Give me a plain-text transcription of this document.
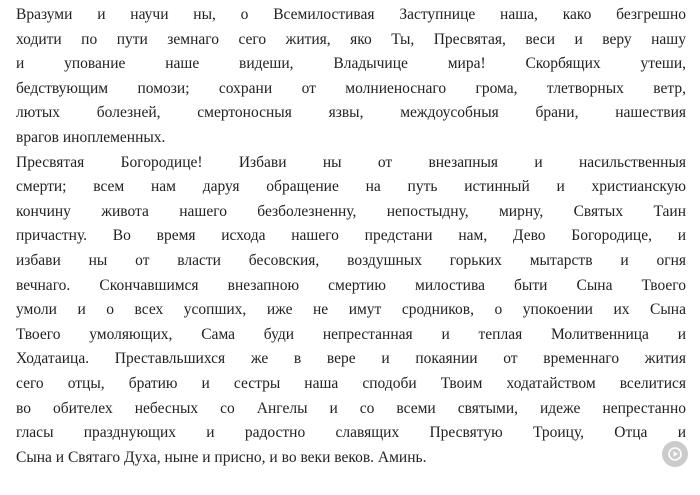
Вразуми и научи ны, о Всемилостивая Заступнице наша, како безгрешно
ходити по пути земнаго сего жития, яко Ты, Пресвятая, веси и веру нашу
и упование наше видеши, Владычице мира! Скорбящих утеши,
бедствующим помози; сохрани от молниеноснаго грома, тлетворных ветр,
лютых болезней, смертоносныя язвы, междоусобныя брани, нашествия
врагов иноплеменных.
Пресвятая Богородице! Избави ны от внезапныя и насильственныя
смерти; всем нам даруя обращение на путь истинный и христианскую
кончину живота нашего безболезненну, непостыдну, мирну, Святых Таин
причастну. Во время исхода нашего предстани нам, Дево Богородице, и
избави ны от власти бесовския, воздушных горьких мытарств и огня
вечнаго. Скончавшимся внезапною смертию милостива быти Сына Твоего
умоли и о всех усопших, иже не имут сродников, о упокоении их Сына
Твоего умоляющих, Сама буди непрестанная и теплая Молитвенница и
Ходатаица. Преставльшихся же в вере и покаянии от временнаго жития
сего отцы, братию и сестры наша сподоби Твоим ходатайством вселитися
во обителех небесных со Ангелы и со всеми святыми, идеже непрестанно
гласы празднующих и радостно славящих Пресвятую Троицу, Отца и
Сына и Святаго Духа, ныне и присно, и во веки веков. Аминь.
